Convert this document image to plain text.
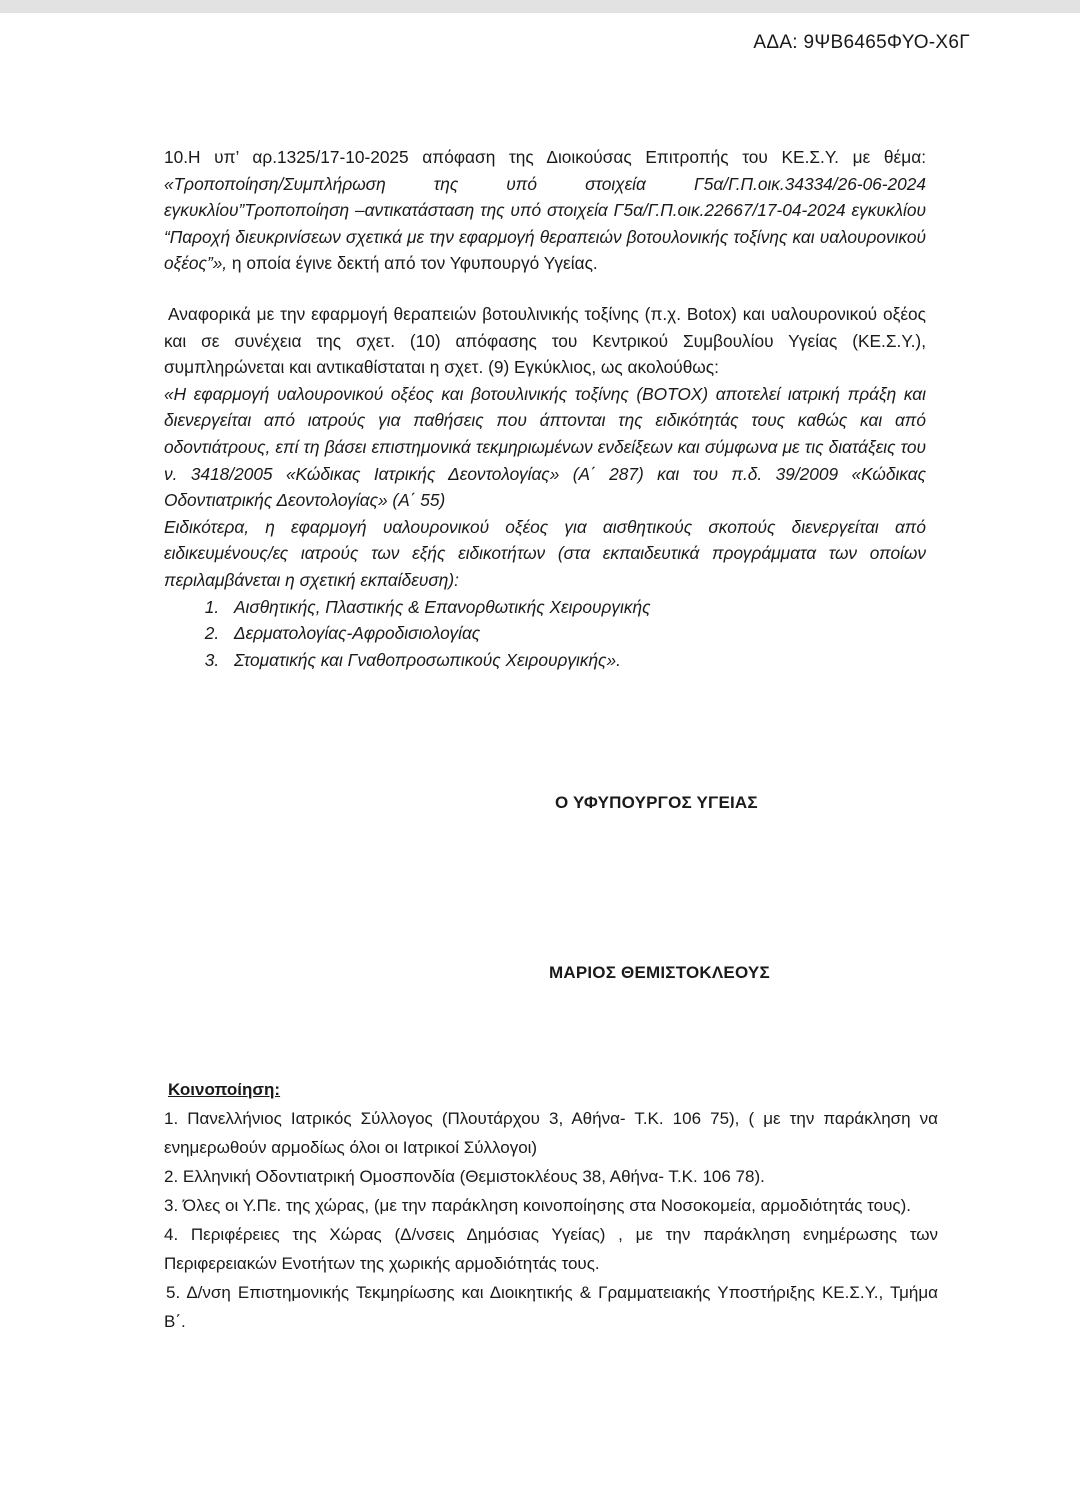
ΑΔΑ: 9ΨΒ6465ΦΥΟ-Χ6Γ

10.Η υπ’ αρ.1325/17-10-2025 απόφαση της Διοικούσας Επιτροπής του ΚΕ.Σ.Υ. με θέμα: «Τροποποίηση/Συμπλήρωση της υπό στοιχεία Γ5α/Γ.Π.οικ.34334/26-06-2024 εγκυκλίου”Τροποποίηση –αντικατάσταση της υπό στοιχεία Γ5α/Γ.Π.οικ.22667/17-04-2024 εγκυκλίου “Παροχή διευκρινίσεων σχετικά με την εφαρμογή θεραπειών βοτουλονικής τοξίνης και υαλουρονικού οξέος”», η οποία έγινε δεκτή από τον Υφυπουργό Υγείας.

Αναφορικά με την εφαρμογή θεραπειών βοτουλινικής τοξίνης (π.χ. Botox) και υαλουρονικού οξέος και σε συνέχεια της σχετ. (10) απόφασης του Κεντρικού Συμβουλίου Υγείας (ΚΕ.Σ.Υ.), συμπληρώνεται και αντικαθίσταται η σχετ. (9) Εγκύκλιος, ως ακολούθως:

«Η εφαρμογή υαλουρονικού οξέος και βοτουλινικής τοξίνης (BOTOX) αποτελεί ιατρική πράξη και διενεργείται από ιατρούς για παθήσεις που άπτονται της ειδικότητάς τους καθώς και από οδοντιάτρους, επί τη βάσει επιστημονικά τεκμηριωμένων ενδείξεων και σύμφωνα με τις διατάξεις του ν. 3418/2005 «Κώδικας Ιατρικής Δεοντολογίας» (Α΄ 287) και του π.δ. 39/2009 «Κώδικας Οδοντιατρικής Δεοντολογίας» (Α΄ 55)

Ειδικότερα, η εφαρμογή υαλουρονικού οξέος για αισθητικούς σκοπούς διενεργείται από ειδικευμένους/ες ιατρούς των εξής ειδικοτήτων (στα εκπαιδευτικά προγράμματα των οποίων περιλαμβάνεται η σχετική εκπαίδευση):

1. Αισθητικής, Πλαστικής & Επανορθωτικής Χειρουργικής
2. Δερματολογίας-Αφροδισιολογίας
3. Στοματικής και Γναθοπροσωπικούς Χειρουργικής».
Ο ΥΦΥΠΟΥΡΓΟΣ ΥΓΕΙΑΣ
ΜΑΡΙΟΣ ΘΕΜΙΣΤΟΚΛΕΟΥΣ
Κοινοποίηση:

1. Πανελλήνιος Ιατρικός Σύλλογος (Πλουτάρχου 3, Αθήνα- Τ.Κ. 106 75), ( με την παράκληση να ενημερωθούν αρμοδίως όλοι οι Ιατρικοί Σύλλογοι)

2. Ελληνική Οδοντιατρική Ομοσπονδία (Θεμιστοκλέους 38, Αθήνα- Τ.Κ. 106 78).

3. Όλες οι Υ.Πε. της χώρας, (με την παράκληση κοινοποίησης στα Νοσοκομεία, αρμοδιότητάς τους).

4. Περιφέρειες της Χώρας (Δ/νσεις Δημόσιας Υγείας) , με την παράκληση ενημέρωσης των Περιφερειακών Ενοτήτων της χωρικής αρμοδιότητάς τους.

5. Δ/νση Επιστημονικής Τεκμηρίωσης και Διοικητικής & Γραμματειακής Υποστήριξης ΚΕ.Σ.Υ., Τμήμα Β΄.
